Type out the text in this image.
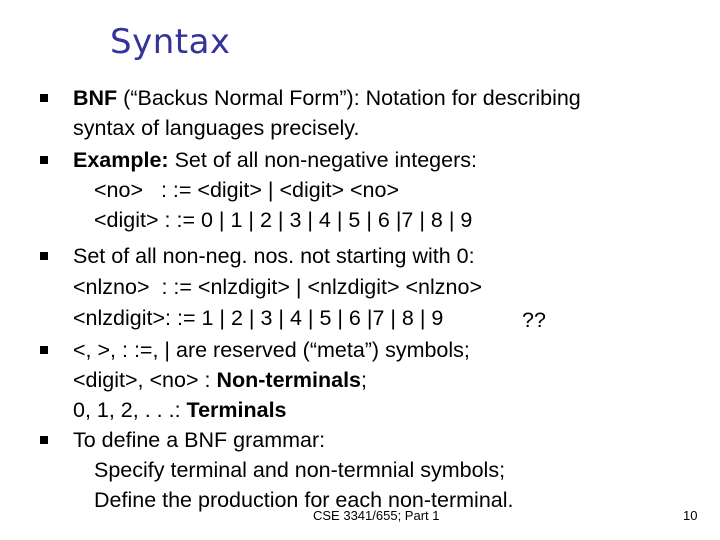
Syntax
BNF (“Backus Normal Form”): Notation for describing
syntax of languages precisely.
Example: Set of all non-negative integers:
<no>   : := <digit> | <digit> <no>
<digit> : := 0 | 1 | 2 | 3 | 4 | 5 | 6 |7 | 8 | 9
Set of all non-neg. nos. not starting with 0:
<nlzno>  : := <nlzdigit> | <nlzdigit> <nlzno>
<nlzdigit>: := 1 | 2 | 3 | 4 | 5 | 6 |7 | 8 | 9	??
<, >, : :=, | are reserved (“meta”) symbols;
<digit>, <no> : Non-terminals;
0, 1, 2, . . .: Terminals
To define a BNF grammar:
Specify terminal and non-termnial symbols;
Define the production for each non-terminal.
CSE 3341/655; Part 1	10
